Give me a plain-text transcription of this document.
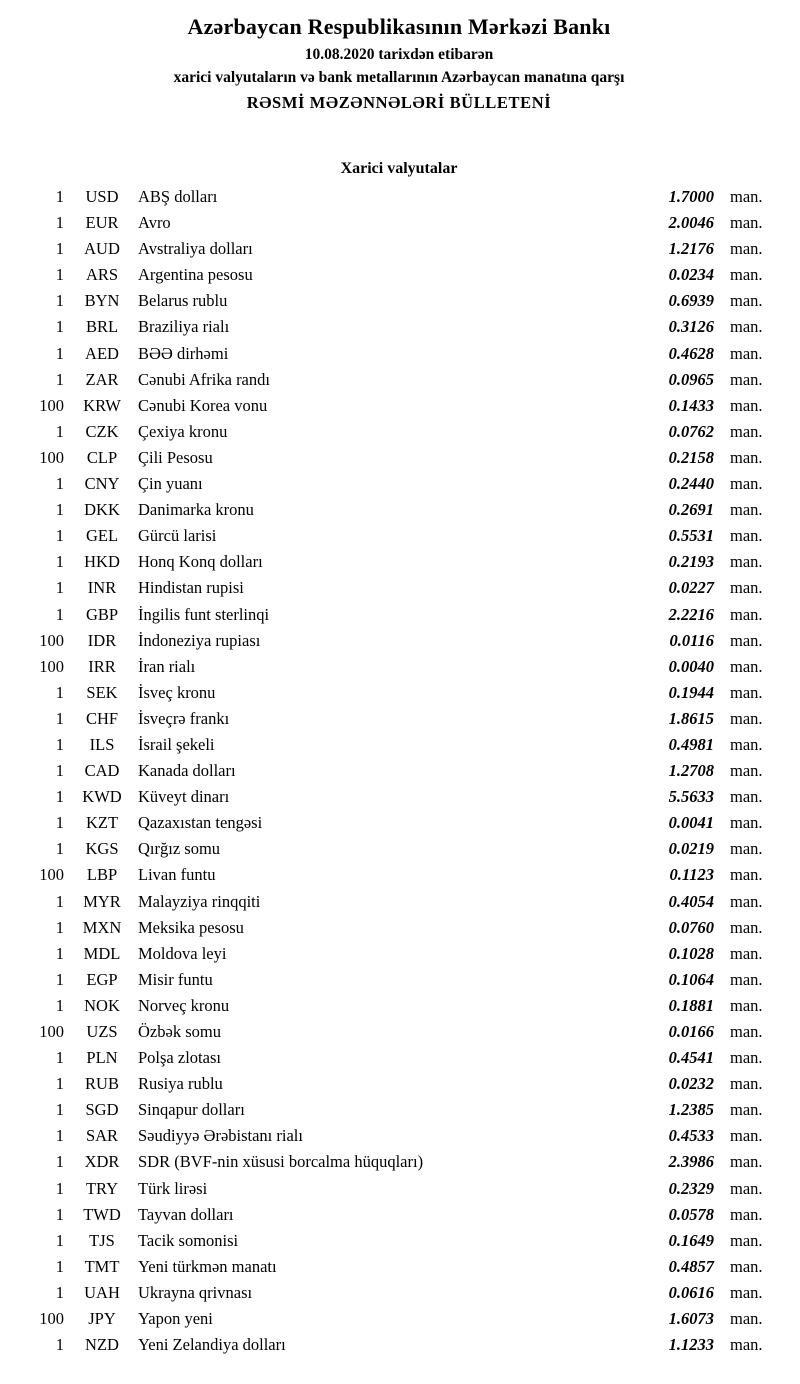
Azərbaycan Respublikasının Mərkəzi Bankı
10.08.2020 tarixdən etibarən
xarici valyutaların və bank metallarının Azərbaycan manatına qarşı
RƏSMİ MƏZƏNNƏLƏRİ BÜLLETENİ
Xarici valyutalar
1	USD	ABŞ dolları	1.7000 man.
1	EUR	Avro	2.0046 man.
1	AUD	Avstraliya dolları	1.2176 man.
1	ARS	Argentina pesosu	0.0234 man.
1	BYN	Belarus rublu	0.6939 man.
1	BRL	Braziliya rialı	0.3126 man.
1	AED	BƏƏ dirhəmi	0.4628 man.
1	ZAR	Cənubi Afrika randı	0.0965 man.
100	KRW	Cənubi Korea vonu	0.1433 man.
1	CZK	Çexiya kronu	0.0762 man.
100	CLP	Çili Pesosu	0.2158 man.
1	CNY	Çin yuanı	0.2440 man.
1	DKK	Danimarka kronu	0.2691 man.
1	GEL	Gürcü larisi	0.5531 man.
1	HKD	Honq Konq dolları	0.2193 man.
1	INR	Hindistan rupisi	0.0227 man.
1	GBP	İngilis funt sterlinqi	2.2216 man.
100	IDR	İndoneziya rupiası	0.0116 man.
100	IRR	İran rialı	0.0040 man.
1	SEK	İsveç kronu	0.1944 man.
1	CHF	İsveçrə frankı	1.8615 man.
1	ILS	İsrail şekeli	0.4981 man.
1	CAD	Kanada dolları	1.2708 man.
1	KWD Küveyt dinarı	5.5633 man.
1	KZT	Qazaxıstan tengəsi	0.0041 man.
1	KGS	Qırğız somu	0.0219 man.
100	LBP	Livan funtu	0.1123 man.
1	MYR	Malayziya rinqqiti	0.4054 man.
1	MXN	Meksika pesosu	0.0760 man.
1	MDL	Moldova leyi	0.1028 man.
1	EGP	Misir funtu	0.1064 man.
1	NOK	Norveç kronu	0.1881 man.
100	UZS	Özbək somu	0.0166 man.
1	PLN	Polşa zlotası	0.4541 man.
1	RUB	Rusiya rublu	0.0232 man.
1	SGD	Sinqapur dolları	1.2385 man.
1	SAR	Səudiyyə Ərəbistanı rialı	0.4533 man.
1	XDR	SDR (BVF-nin xüsusi borcalma hüquqları)	2.3986 man.
1	TRY	Türk lirəsi	0.2329 man.
1	TWD	Tayvan dolları	0.0578 man.
1	TJS	Tacik somonisi	0.1649 man.
1	TMT	Yeni türkmən manatı	0.4857 man.
1	UAH	Ukrayna qrivnası	0.0616 man.
100	JPY	Yapon yeni	1.6073 man.
1	NZD	Yeni Zelandiya dolları	1.1233 man.
